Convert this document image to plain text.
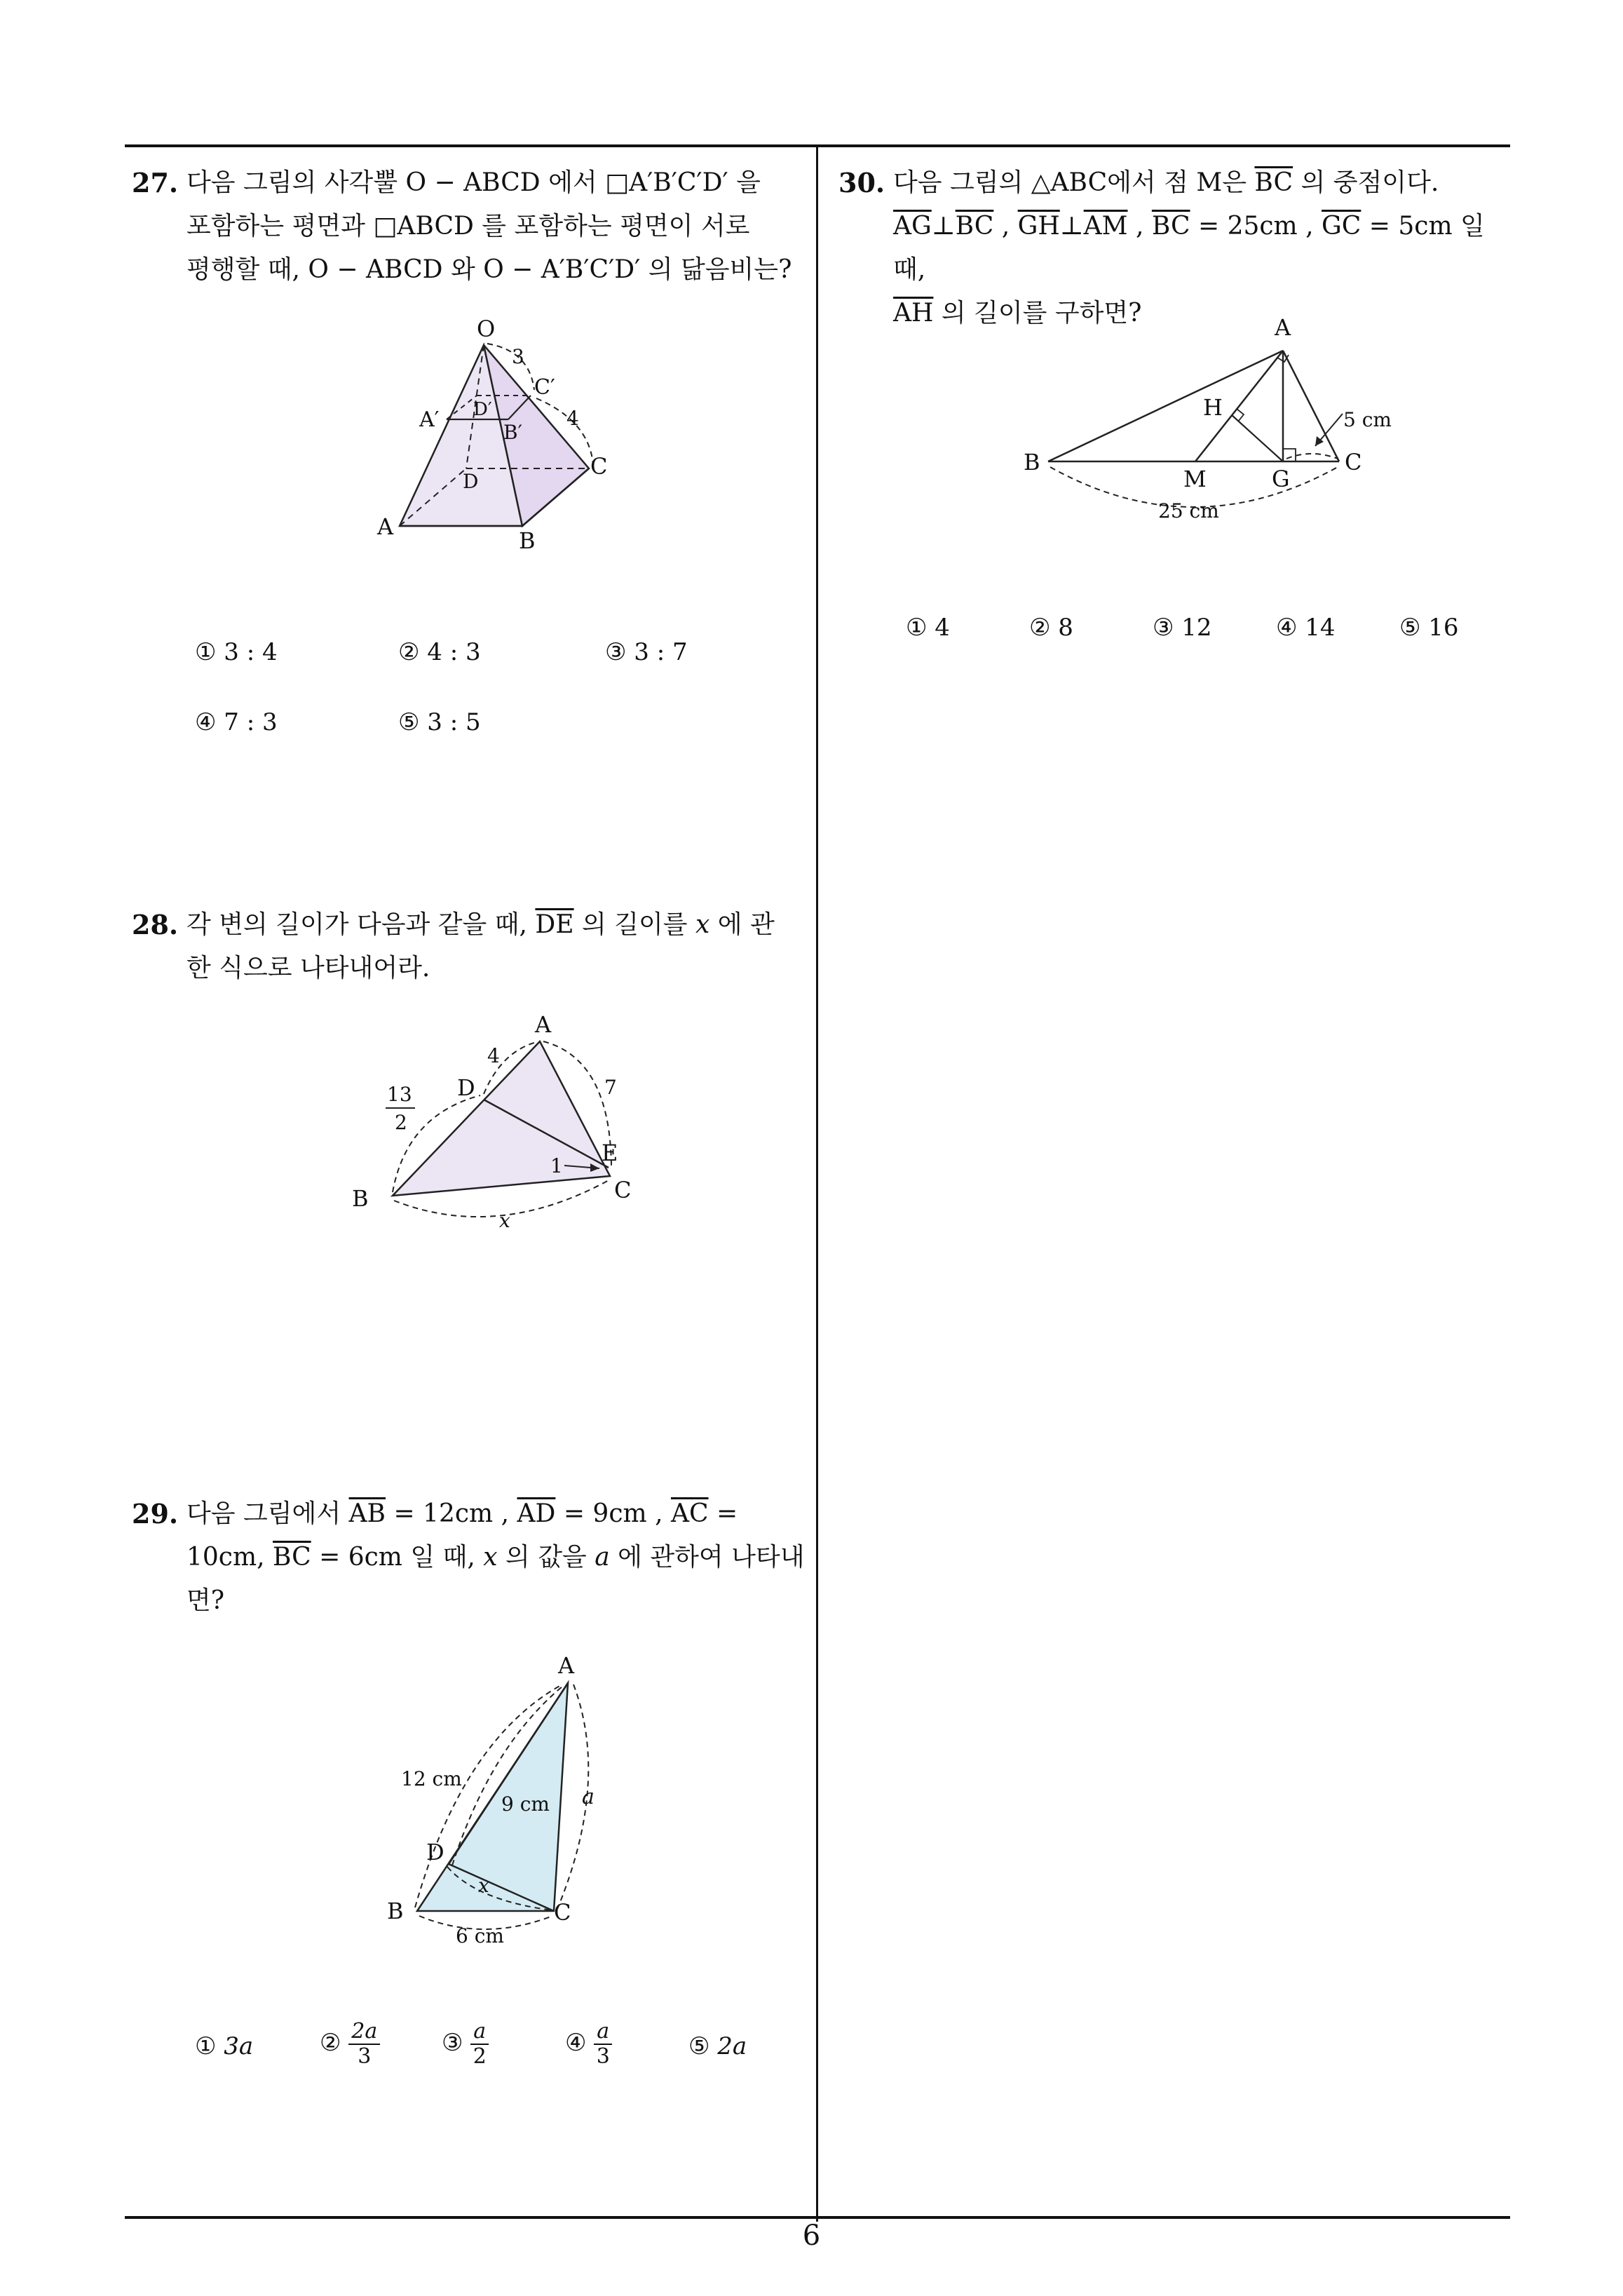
27. 다음 그림의 사각뿔 O − ABCD 에서 □A′B′C′D′ 을
포함하는 평면과 □ABCD 를 포함하는 평면이 서로
평행할 때, O − ABCD 와 O − A′B′C′D′ 의 닮음비는?
O
3
C′
A′ D′
B′
4
D
C
A
B
① 3 : 4	② 4 : 3	③ 3 : 7
④ 7 : 3	⑤ 3 : 5
28. 각 변의 길이가 다음과 같을 때, $\overline{DE}$ 의 길이를 x 에 관
한 식으로 나타내어라.
A
4
13
2
D	7
E
1
C
B
x
29. 다음 그림에서 $\overline{AB} = 12cm$ , $\overline{AD} = 9cm$ , $\overline{AC}$ =
10cm, $\overline{BC} = 6cm$ 일 때, x 의 값을 a 에 관하여 나타내
면?
A
12 cm
9 cm a
D
x
B	C
6 cm
① 3a	② $\frac{2a}{3}$	③ $\frac{a}{2}$	④ $\frac{a}{3}$	⑤ 2a
30. 다음 그림의 △ABC에서 점 M은 $\overline{BC}$ 의 중점이다.
$\overline{AG}\perp\overline{BC}$ , $\overline{GH}\perp\overline{AM}$ , $\overline{BC} = 25cm$ , $\overline{GC} = 5cm$ 일 때,
$\overline{AH}$ 의 길이를 구하면?	A
H	5 cm
B
M	G
C
25 cm
① 4	② 8	③ 12	④ 14	⑤ 16
6
